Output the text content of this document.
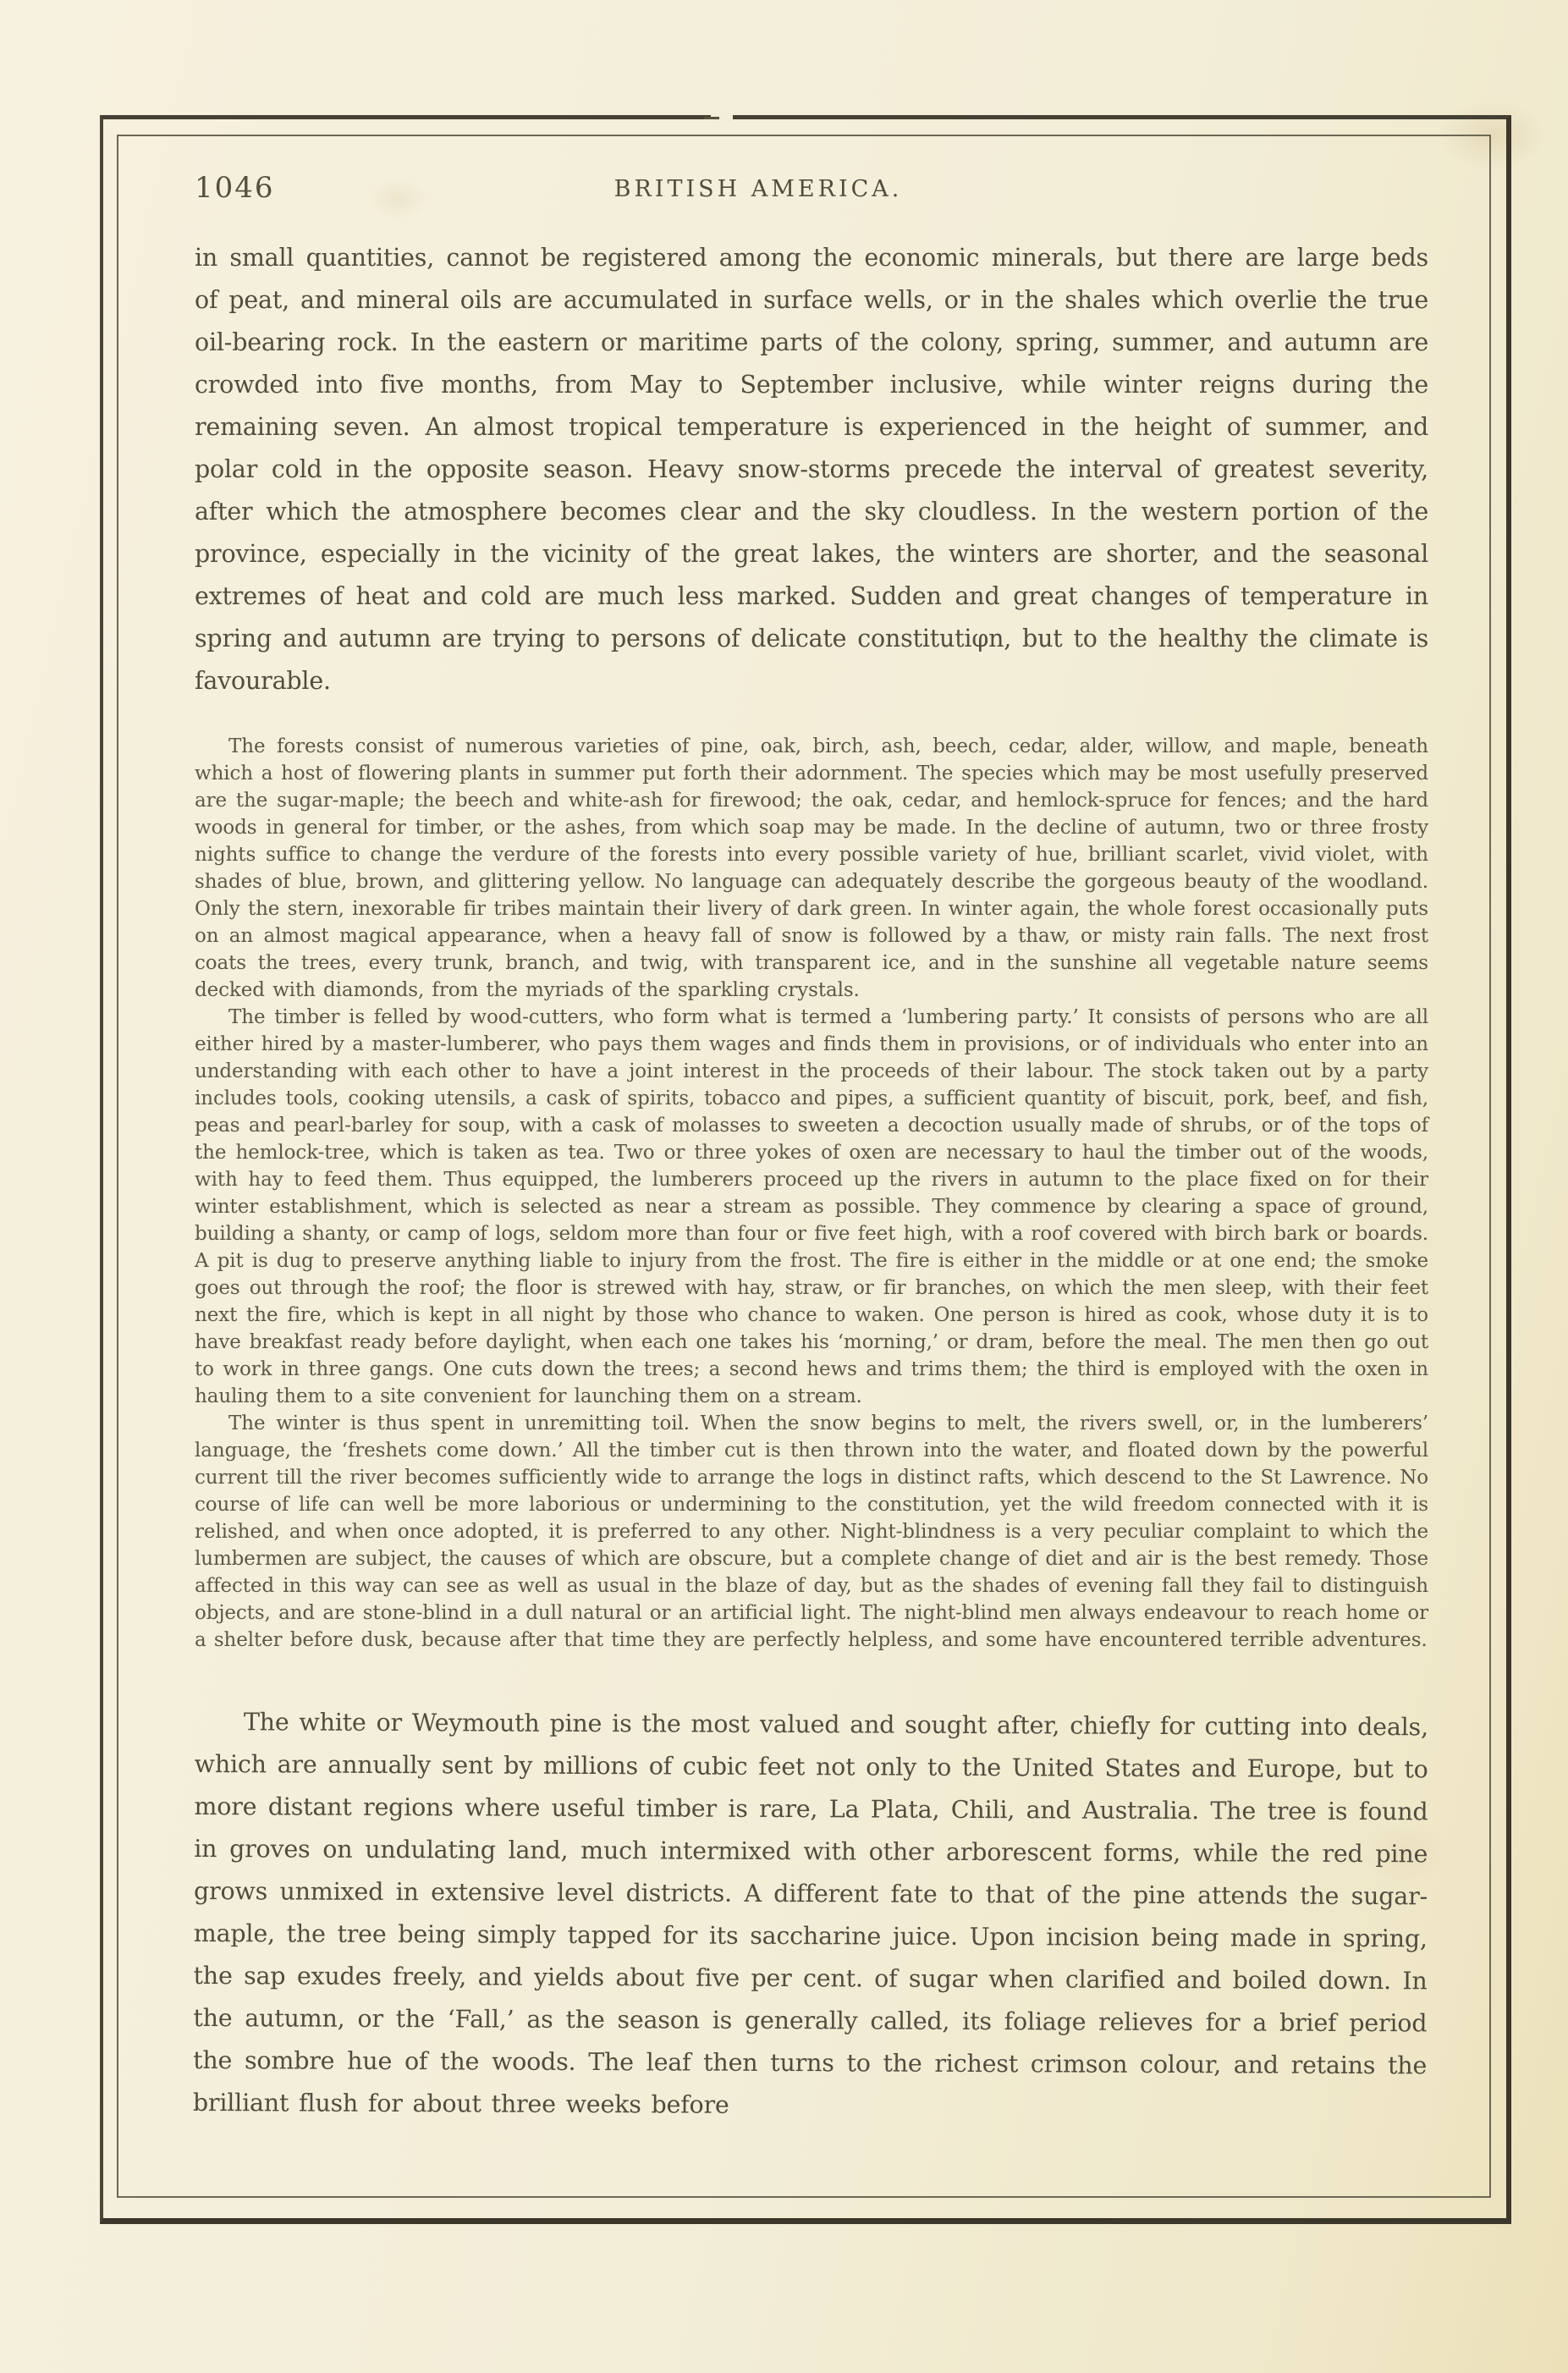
1046	BRITISH AMERICA.

in small quantities, cannot be registered among the economic minerals, but there are large beds of peat, and mineral oils are accumulated in surface wells, or in the shales which overlie the true oil-bearing rock. In the eastern or maritime parts of the colony, spring, summer, and autumn are crowded into five months, from May to September inclusive, while winter reigns during the remaining seven. An almost tropical temperature is experienced in the height of summer, and polar cold in the opposite season. Heavy snow-storms precede the interval of greatest severity, after which the atmosphere becomes clear and the sky cloudless. In the western portion of the province, especially in the vicinity of the great lakes, the winters are shorter, and the seasonal extremes of heat and cold are much less marked. Sudden and great changes of temperature in spring and autumn are trying to persons of delicate constitutiφn, but to the healthy the climate is favourable.

The forests consist of numerous varieties of pine, oak, birch, ash, beech, cedar, alder, willow, and maple, beneath which a host of flowering plants in summer put forth their adornment. The species which may be most usefully preserved are the sugar-maple; the beech and white-ash for firewood; the oak, cedar, and hemlock-spruce for fences; and the hard woods in general for timber, or the ashes, from which soap may be made. In the decline of autumn, two or three frosty nights suffice to change the verdure of the forests into every possible variety of hue, brilliant scarlet, vivid violet, with shades of blue, brown, and glittering yellow. No language can adequately describe the gorgeous beauty of the woodland. Only the stern, inexorable fir tribes maintain their livery of dark green. In winter again, the whole forest occasionally puts on an almost magical appearance, when a heavy fall of snow is followed by a thaw, or misty rain falls. The next frost coats the trees, every trunk, branch, and twig, with transparent ice, and in the sunshine all vegetable nature seems decked with diamonds, from the myriads of the sparkling crystals.

The timber is felled by wood-cutters, who form what is termed a ‘lumbering party.’ It consists of persons who are all either hired by a master-lumberer, who pays them wages and finds them in provisions, or of individuals who enter into an understanding with each other to have a joint interest in the proceeds of their labour. The stock taken out by a party includes tools, cooking utensils, a cask of spirits, tobacco and pipes, a sufficient quantity of biscuit, pork, beef, and fish, peas and pearl-barley for soup, with a cask of molasses to sweeten a decoction usually made of shrubs, or of the tops of the hemlock-tree, which is taken as tea. Two or three yokes of oxen are necessary to haul the timber out of the woods, with hay to feed them. Thus equipped, the lumberers proceed up the rivers in autumn to the place fixed on for their winter establishment, which is selected as near a stream as possible. They commence by clearing a space of ground, building a shanty, or camp of logs, seldom more than four or five feet high, with a roof covered with birch bark or boards. A pit is dug to preserve anything liable to injury from the frost. The fire is either in the middle or at one end; the smoke goes out through the roof; the floor is strewed with hay, straw, or fir branches, on which the men sleep, with their feet next the fire, which is kept in all night by those who chance to waken. One person is hired as cook, whose duty it is to have breakfast ready before daylight, when each one takes his ‘morning,’ or dram, before the meal. The men then go out to work in three gangs. One cuts down the trees; a second hews and trims them; the third is employed with the oxen in hauling them to a site convenient for launching them on a stream.

The winter is thus spent in unremitting toil. When the snow begins to melt, the rivers swell, or, in the lumberers’ language, the ‘freshets come down.’ All the timber cut is then thrown into the water, and floated down by the powerful current till the river becomes sufficiently wide to arrange the logs in distinct rafts, which descend to the St Lawrence. No course of life can well be more laborious or undermining to the constitution, yet the wild freedom connected with it is relished, and when once adopted, it is preferred to any other. Night-blindness is a very peculiar complaint to which the lumbermen are subject, the causes of which are obscure, but a complete change of diet and air is the best remedy. Those affected in this way can see as well as usual in the blaze of day, but as the shades of evening fall they fail to distinguish objects, and are stone-blind in a dull natural or an artificial light. The night-blind men always endeavour to reach home or a shelter before dusk, because after that time they are perfectly helpless, and some have encountered terrible adventures.

The white or Weymouth pine is the most valued and sought after, chiefly for cutting into deals, which are annually sent by millions of cubic feet not only to the United States and Europe, but to more distant regions where useful timber is rare, La Plata, Chili, and Australia. The tree is found in groves on undulating land, much intermixed with other arborescent forms, while the red pine grows unmixed in extensive level districts. A different fate to that of the pine attends the sugar-maple, the tree being simply tapped for its saccharine juice. Upon incision being made in spring, the sap exudes freely, and yields about five per cent. of sugar when clarified and boiled down. In the autumn, or the ‘Fall,’ as the season is generally called, its foliage relieves for a brief period the sombre hue of the woods. The leaf then turns to the richest crimson colour, and retains the brilliant flush for about three weeks before
